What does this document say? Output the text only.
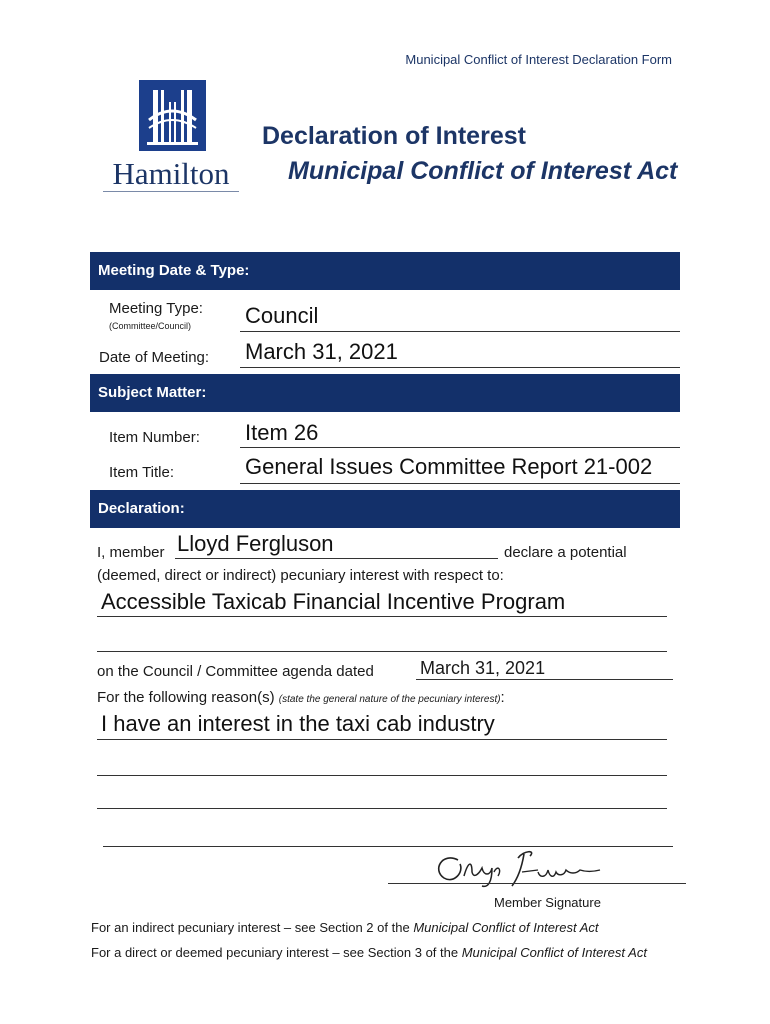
Municipal Conflict of Interest Declaration Form
Hamilton
Declaration of Interest
Municipal Conflict of Interest Act
Meeting Date & Type:
Meeting Type:
(Committee/Council) Council
Date of Meeting: March 31, 2021
Subject Matter:
Item Number: Item 26
Item Title:	General Issues Committee Report 21-002
Declaration:
I, member Lloyd Fergluson	declare a potential
(deemed, direct or indirect) pecuniary interest with respect to:
Accessible Taxicab Financial Incentive Program
on the Council / Committee agenda dated	March 31, 2021
For the following reason(s) (state the general nature of the pecuniary interest):
I have an interest in the taxi cab industry
Member Signature
For an indirect pecuniary interest – see Section 2 of the Municipal Conflict of Interest Act
For a direct or deemed pecuniary interest – see Section 3 of the Municipal Conflict of Interest Act
